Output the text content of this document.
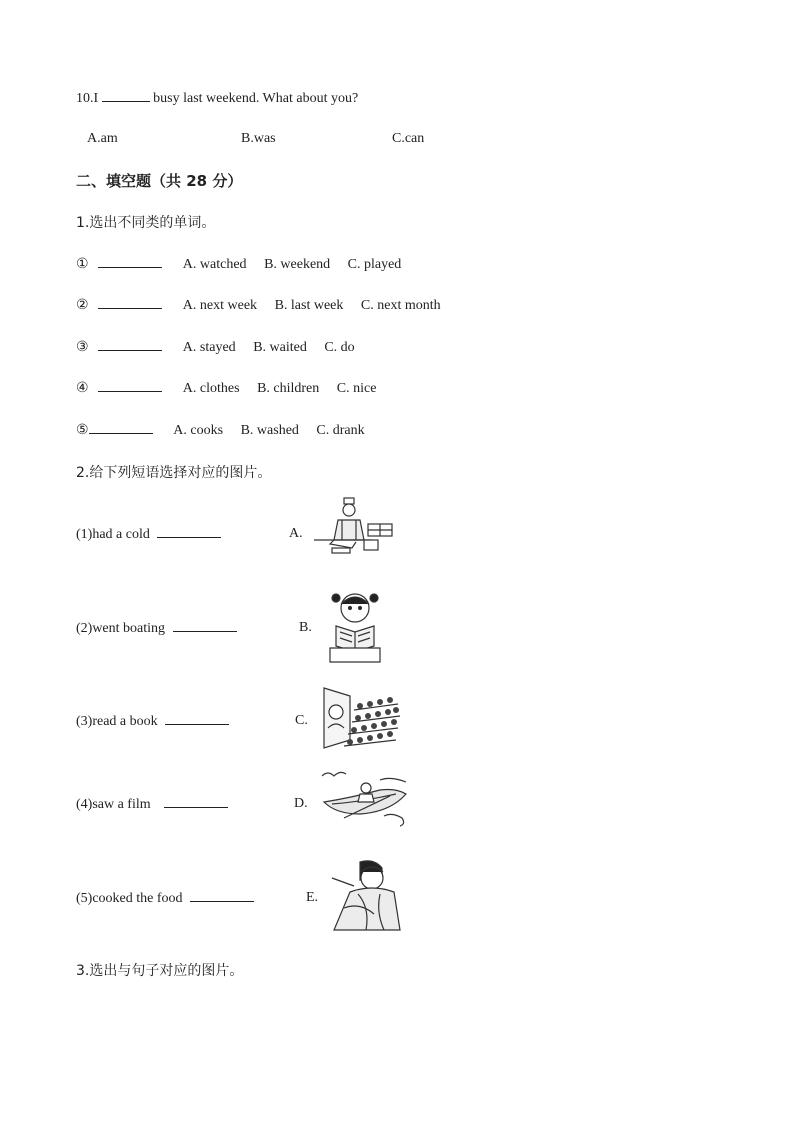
10.I	busy last weekend. What about you?
A.am	B.was	C.can
二、填空题（共 28 分）
1.选出不同类的单词。
①	A. watched B. weekend C. played
②	A. next week B. last week C. next month
③	A. stayed B. waited C. do
④	A. clothes B. children C. nice
⑤	A. cooks B. washed C. drank
2.给下列短语选择对应的图片。
(1)had a cold	A.
(2)went boating	B.
(3)read a book	C.
(4)saw a film	D.
(5)cooked the food	E.
3.选出与句子对应的图片。
